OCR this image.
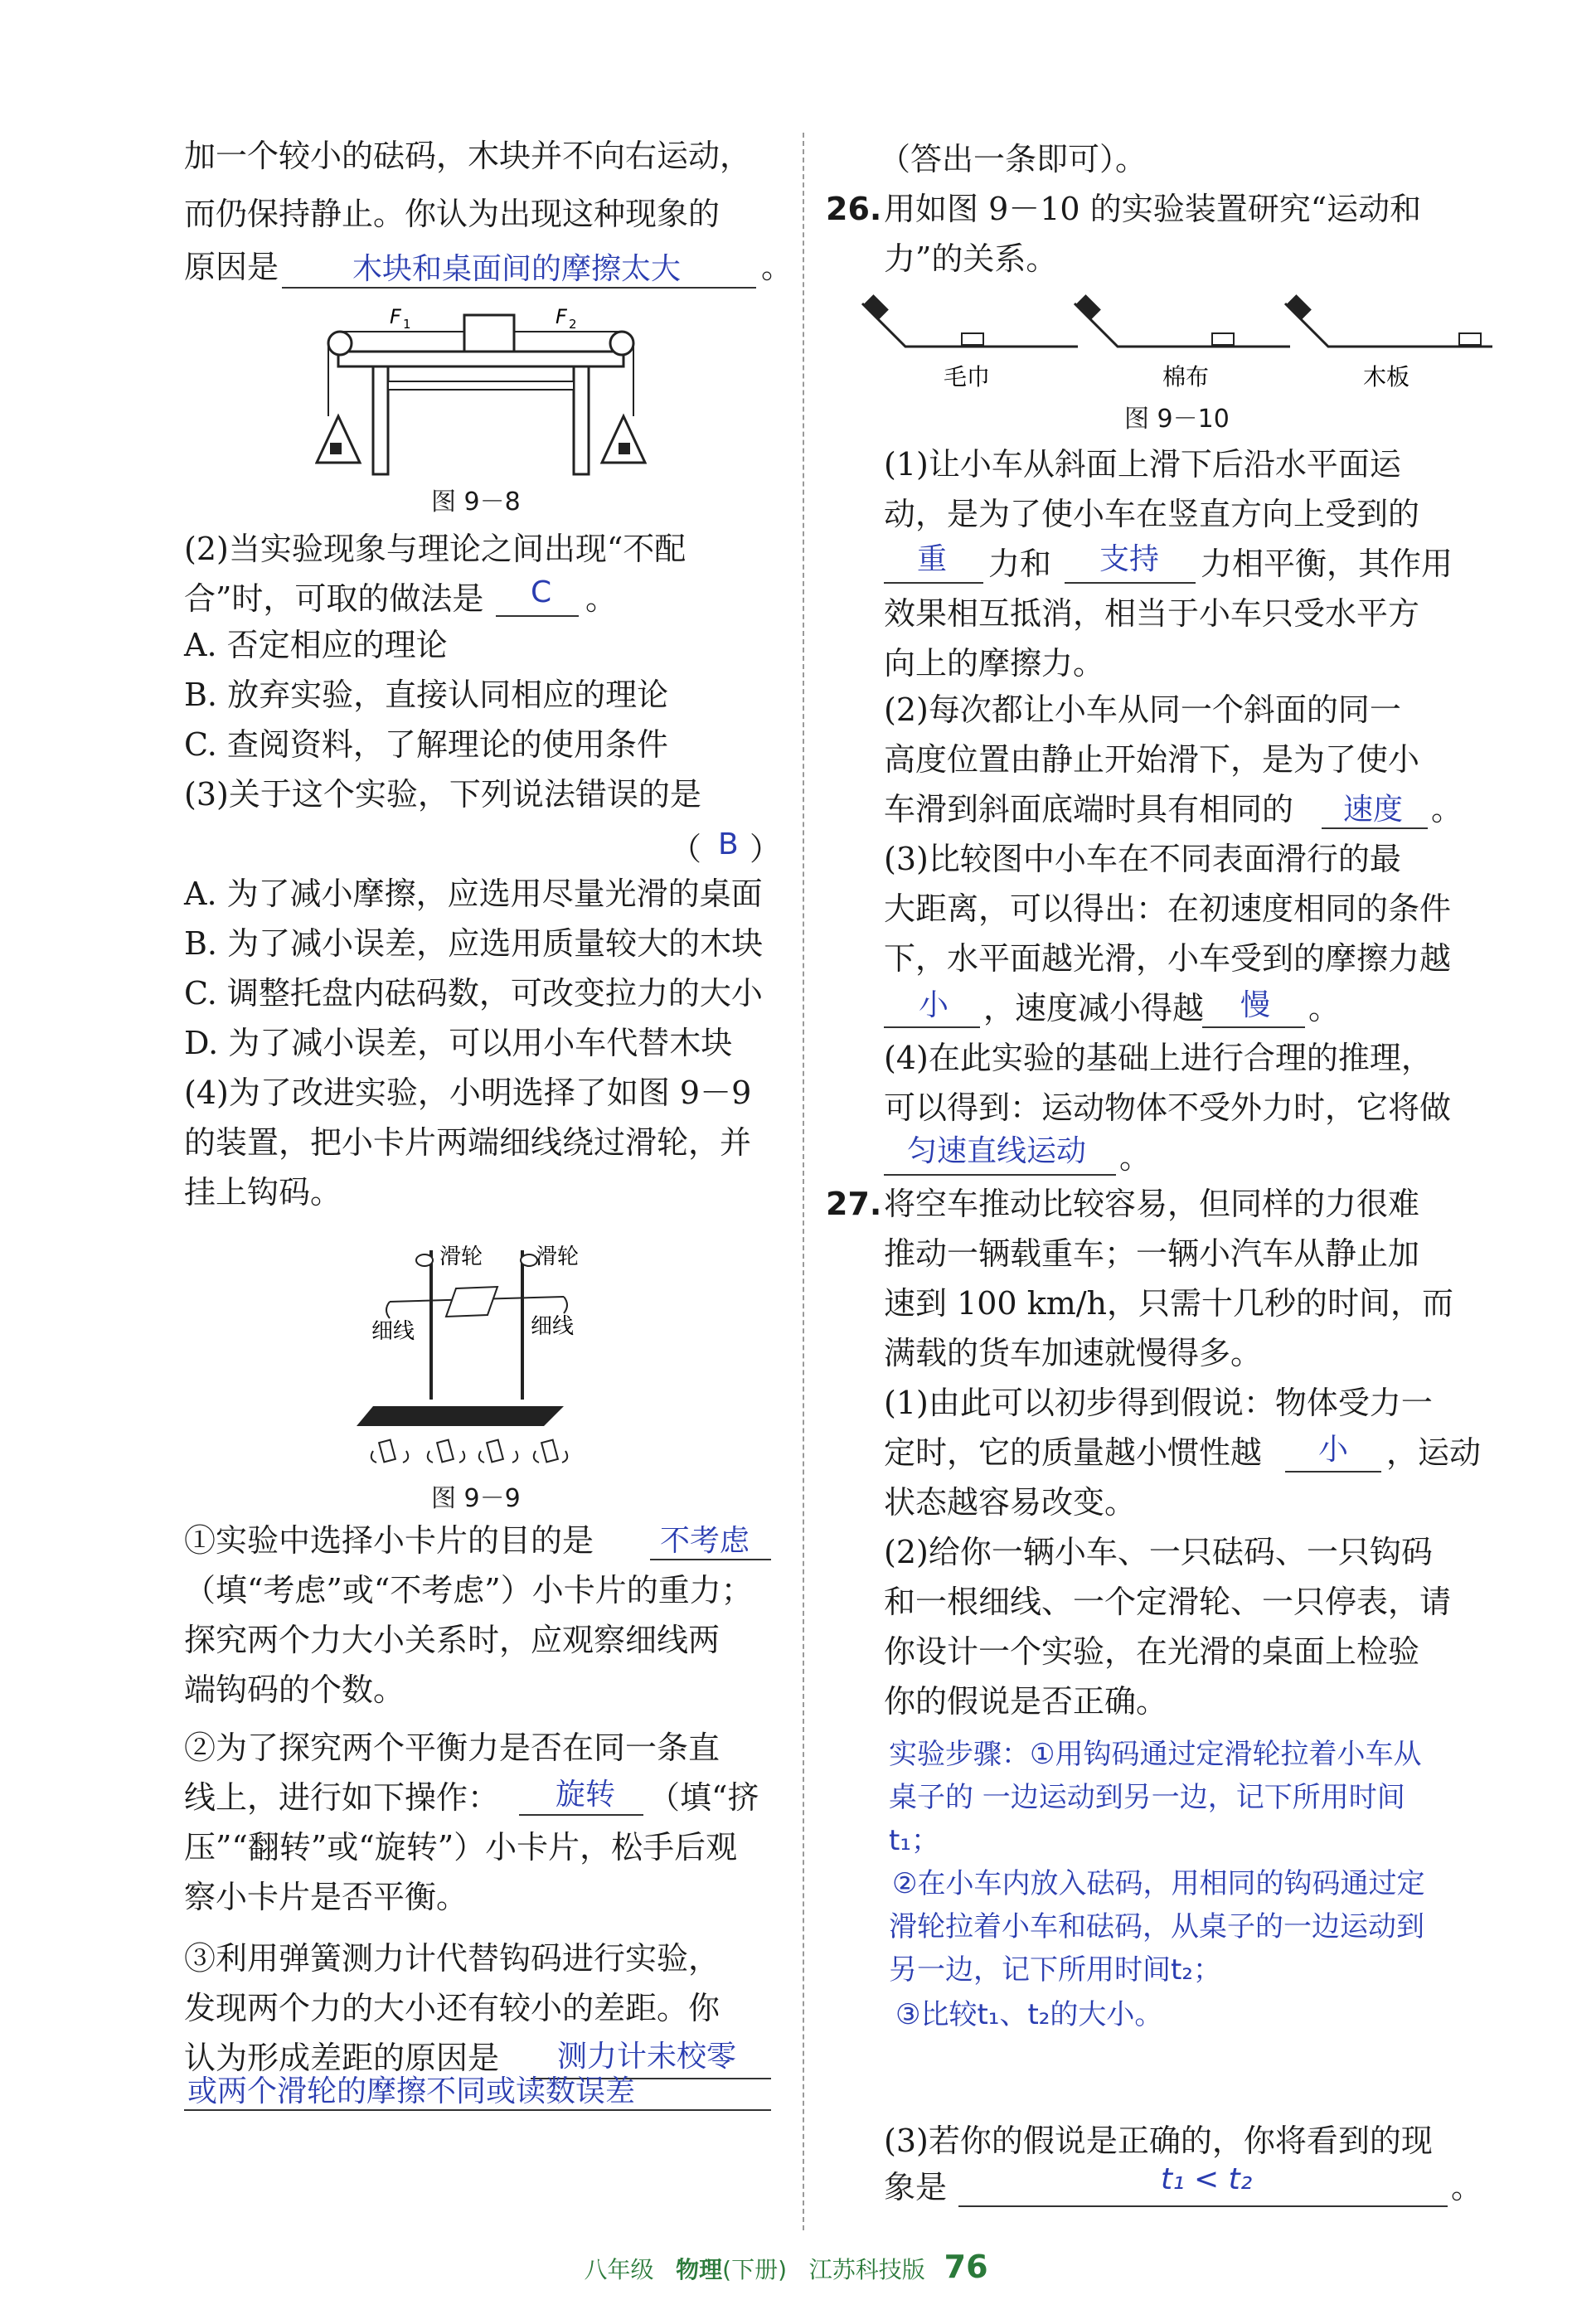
加一个较小的砝码，木块并不向右运动，
而仍保持静止。你认为出现这种现象的
原因是 木块和桌面间的摩擦太大	。
F 1	F 2
图 9－8
(2)当实验现象与理论之间出现“不配
合”时，可取的做法是 C 。
A. 否定相应的理论
B. 放弃实验，直接认同相应的理论
C. 查阅资料，了解理论的使用条件
(3)关于这个实验，下列说法错误的是
（ B ）
A. 为了减小摩擦，应选用尽量光滑的桌面
B. 为了减小误差，应选用质量较大的木块
C. 调整托盘内砝码数，可改变拉力的大小
D. 为了减小误差，可以用小车代替木块
(4)为了改进实验，小明选择了如图 9－9
的装置，把小卡片两端细线绕过滑轮，并
挂上钩码。
滑轮 滑轮
细线	细线
图 9－9
①实验中选择小卡片的目的是 不考虑
（填“考虑”或“不考虑”）小卡片的重力；
探究两个力大小关系时，应观察细线两
端钩码的个数。
②为了探究两个平衡力是否在同一条直
线上，进行如下操作： 旋转 （填“挤
压”“翻转”或“旋转”）小卡片，松手后观
察小卡片是否平衡。
③利用弹簧测力计代替钩码进行实验，
发现两个力的大小还有较小的差距。你
认为形成差距的原因是 测力计未校零
或两个滑轮的摩擦不同或读数误差
（答出一条即可）。
26. 用如图 9－10 的实验装置研究“运动和
力”的关系。
毛巾	棉布	木板
图 9－10
(1)让小车从斜面上滑下后沿水平面运
动，是为了使小车在竖直方向上受到的
重 力和 支持 力相平衡，其作用
效果相互抵消，相当于小车只受水平方
向上的摩擦力。
(2)每次都让小车从同一个斜面的同一
高度位置由静止开始滑下，是为了使小
车滑到斜面底端时具有相同的 速度 。
(3)比较图中小车在不同表面滑行的最
大距离，可以得出：在初速度相同的条件
下，水平面越光滑，小车受到的摩擦力越
小 ，速度减小得越 慢 。
(4)在此实验的基础上进行合理的推理，
可以得到：运动物体不受外力时，它将做
匀速直线运动 。
27. 将空车推动比较容易，但同样的力很难
推动一辆载重车；一辆小汽车从静止加
速到 100 km/h，只需十几秒的时间，而
满载的货车加速就慢得多。
(1)由此可以初步得到假说：物体受力一
定时，它的质量越小惯性越 小 ，运动
状态越容易改变。
(2)给你一辆小车、一只砝码、一只钩码
和一根细线、一个定滑轮、一只停表，请
你设计一个实验，在光滑的桌面上检验
你的假说是否正确。
实验步骤：①用钩码通过定滑轮拉着小车从
桌子的 一边运动到另一边，记下所用时间
t₁；
②在小车内放入砝码，用相同的钩码通过定
滑轮拉着小车和砝码，从桌子的一边运动到
另一边，记下所用时间t₂；
③比较t₁、t₂的大小。
(3)若你的假说是正确的，你将看到的现
象是	t₁ < t₂	。
八年级 物理(下册) 江苏科技版 76
